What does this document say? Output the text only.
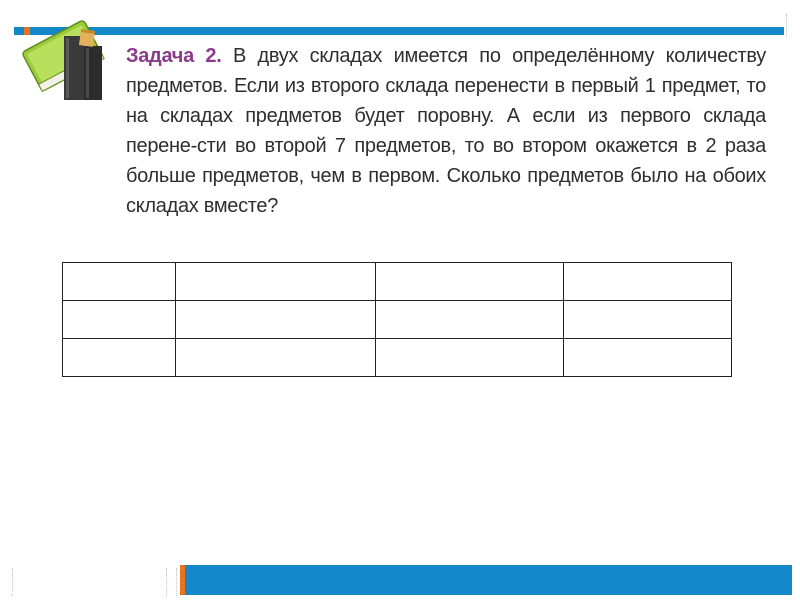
Задача 2. В двух складах имеется по определённому количеству предметов. Если из второго склада перенести в первый 1 предмет, то на складах предметов будет поровну. А если из первого склада перене-сти во второй 7 предметов, то во втором окажется в 2 раза больше предметов, чем в первом. Сколько предметов было на обоих складах вместе?
